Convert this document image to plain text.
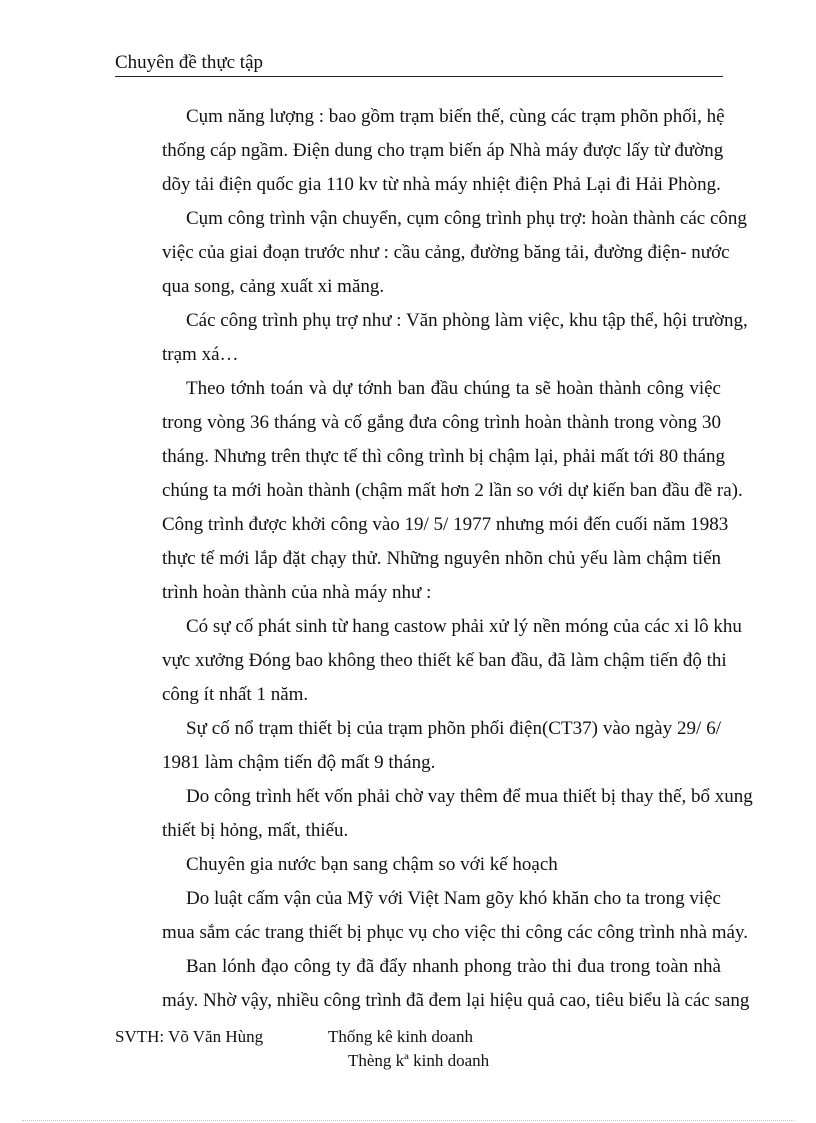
Chuyên đề thực tập
Cụm năng lượng : bao gồm trạm biến thế, cùng các trạm phõn phối, hệ
thống cáp ngầm. Điện dung cho trạm biến áp Nhà máy được lấy từ đường
dõy tải điện quốc gia 110 kv từ nhà máy nhiệt điện Phả Lại đi Hải Phòng.
Cụm công trình vận chuyển, cụm công trình phụ trợ: hoàn thành các công
việc của giai đoạn trước như : cầu cảng, đường băng tải, đường điện- nước
qua song, cảng xuất xi măng.
Các công trình phụ trợ như : Văn phòng làm việc, khu tập thể, hội trường,
trạm xá…
Theo tớnh toán và dự tớnh ban đầu chúng ta sẽ hoàn thành công việc
trong vòng 36 tháng và cố gắng đưa công trình hoàn thành trong vòng 30
tháng. Nhưng trên thực tế thì công trình bị chậm lại, phải mất tới 80 tháng
chúng ta mới hoàn thành (chậm mất hơn 2 lần so với dự kiến ban đầu đề ra).
Công trình được khởi công vào 19/ 5/ 1977 nhưng mói đến cuối năm 1983
thực tế mới lắp đặt chạy thử. Những nguyên nhõn chủ yếu làm chậm tiến
trình hoàn thành của nhà máy như :
Có sự cố phát sinh từ hang castow phải xử lý nền móng của các xi lô khu
vực xưởng Đóng bao không theo thiết kế ban đầu, đã làm chậm tiến độ thi
công ít nhất 1 năm.
Sự cố nổ trạm thiết bị của trạm phõn phối điện(CT37) vào ngày 29/ 6/
1981 làm chậm tiến độ mất 9 tháng.
Do công trình hết vốn phải chờ vay thêm để mua thiết bị thay thế, bổ xung
thiết bị hỏng, mất, thiếu.
Chuyên gia nước bạn sang chậm so với kế hoạch
Do luật cấm vận của Mỹ với Việt Nam gõy khó khăn cho ta trong việc
mua sắm các trang thiết bị phục vụ cho việc thi công các công trình nhà máy.
Ban lónh đạo công ty đã đẩy nhanh phong trào thi đua trong toàn nhà
máy. Nhờ vậy, nhiều công trình đã đem lại hiệu quả cao, tiêu biểu là các sang
SVTH: Võ Văn Hùng	Thống kê kinh doanh
Thèng kª kinh doanh
